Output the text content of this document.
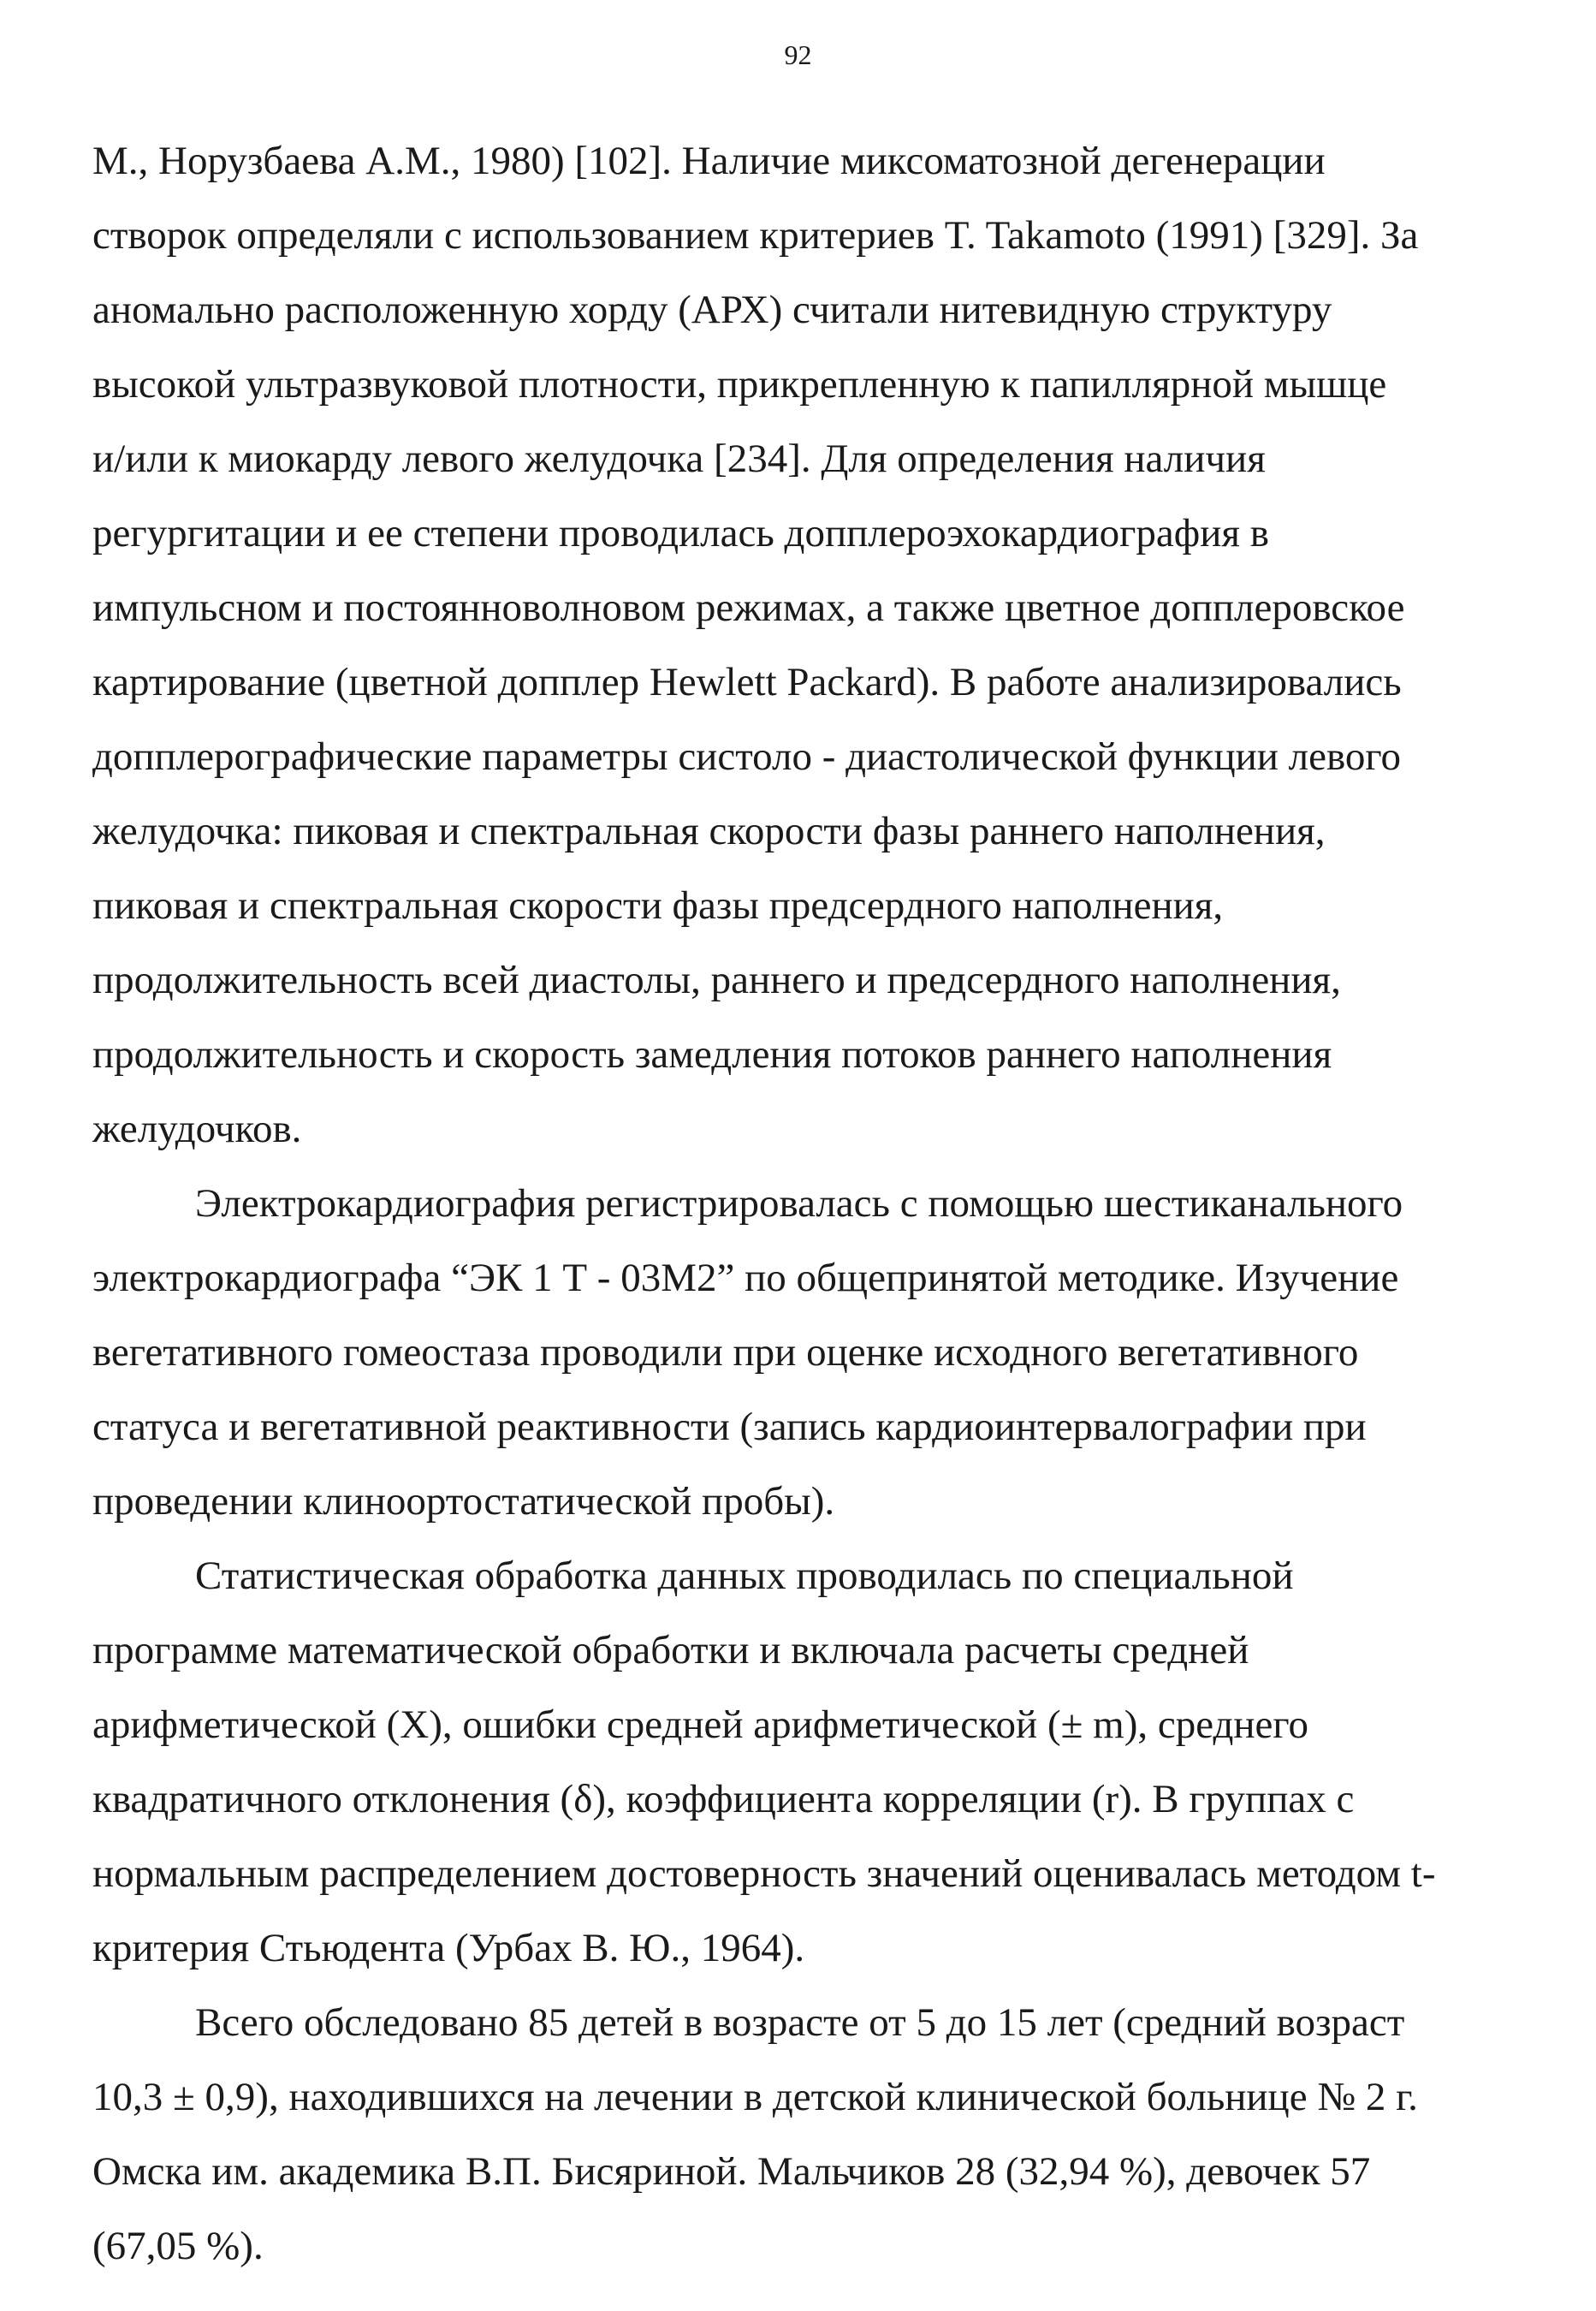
92
М., Норузбаева А.М., 1980) [102]. Наличие миксоматозной дегенерации
створок определяли с использованием критериев T. Takamoto (1991) [329]. За
аномально расположенную хорду (АРХ) считали нитевидную структуру
высокой ультразвуковой плотности, прикрепленную к папиллярной мышце
и/или к миокарду левого желудочка [234]. Для определения наличия
регургитации и ее степени проводилась допплероэхокардиография в
импульсном и постоянноволновом режимах, а также цветное допплеровское
картирование (цветной допплер Hewlett Packard). В работе анализировались
допплерографические параметры систоло - диастолической функции левого
желудочка: пиковая и спектральная скорости фазы раннего наполнения,
пиковая и спектральная скорости фазы предсердного наполнения,
продолжительность всей диастолы, раннего и предсердного наполнения,
продолжительность и скорость замедления потоков раннего наполнения
желудочков.
Электрокардиография регистрировалась с помощью шестиканального
электрокардиографа “ЭК 1 Т - 03М2” по общепринятой методике. Изучение
вегетативного гомеостаза проводили при оценке исходного вегетативного
статуса и вегетативной реактивности (запись кардиоинтервалографии при
проведении клиноортостатической пробы).
Статистическая обработка данных проводилась по специальной
программе математической обработки и включала расчеты средней
арифметической (Х), ошибки средней арифметической (± m), среднего
квадратичного отклонения (δ), коэффициента корреляции (r). В группах с
нормальным распределением достоверность значений оценивалась методом t-
критерия Стьюдента (Урбах В. Ю., 1964).
Всего обследовано 85 детей в возрасте от 5 до 15 лет (средний возраст
10,3 ± 0,9), находившихся на лечении в детской клинической больнице № 2 г.
Омска им. академика В.П. Бисяриной. Мальчиков 28 (32,94 %), девочек 57
(67,05 %).
